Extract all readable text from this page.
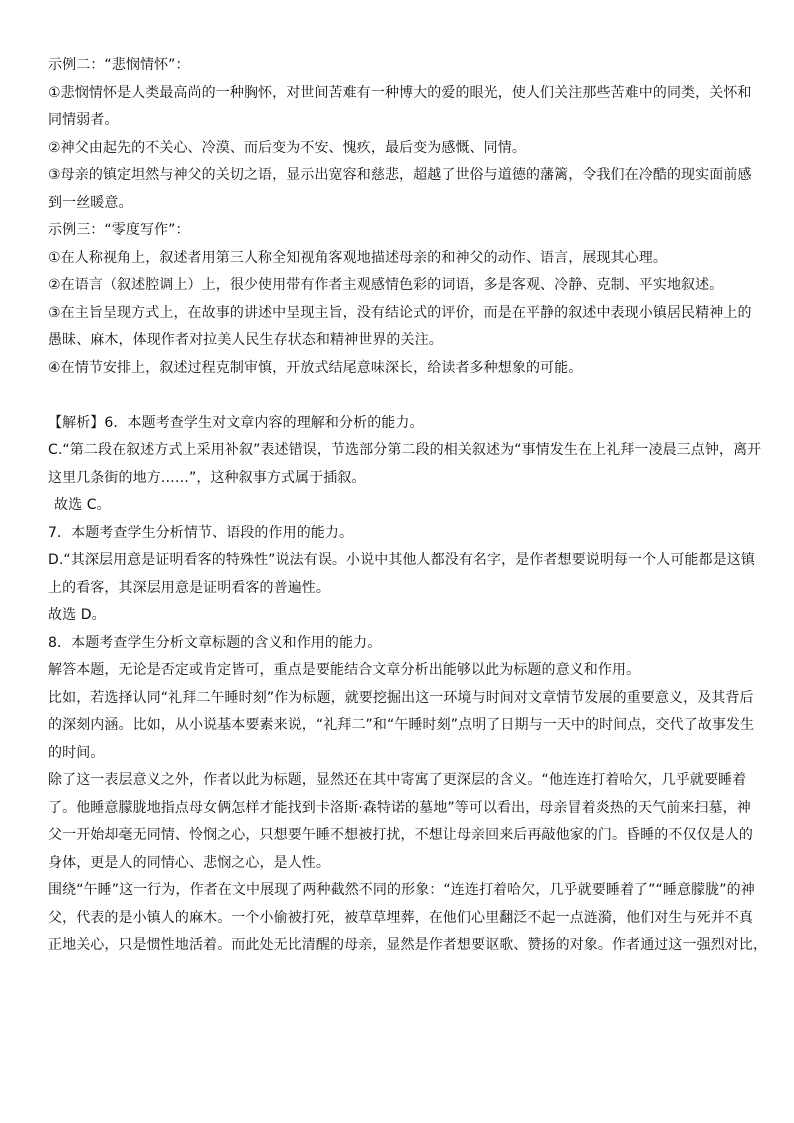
示例二：“悲悯情怀”：
①悲悯情怀是人类最高尚的一种胸怀，对世间苦难有一种博大的爱的眼光，使人们关注那些苦难中的同类，关怀和
同情弱者。
②神父由起先的不关心、冷漠、而后变为不安、愧疚，最后变为感慨、同情。
③母亲的镇定坦然与神父的关切之语，显示出宽容和慈悲，超越了世俗与道德的藩篱，令我们在冷酷的现实面前感
到一丝暖意。
示例三：“零度写作”：
①在人称视角上，叙述者用第三人称全知视角客观地描述母亲的和神父的动作、语言，展现其心理。
②在语言（叙述腔调上）上，很少使用带有作者主观感情色彩的词语，多是客观、冷静、克制、平实地叙述。
③在主旨呈现方式上，在故事的讲述中呈现主旨，没有结论式的评价，而是在平静的叙述中表现小镇居民精神上的
愚昧、麻木，体现作者对拉美人民生存状态和精神世界的关注。
④在情节安排上，叙述过程克制审慎，开放式结尾意味深长，给读者多种想象的可能。
【解析】6．本题考查学生对文章内容的理解和分析的能力。
C.“第二段在叙述方式上采用补叙”表述错误，节选部分第二段的相关叙述为“事情发生在上礼拜一凌晨三点钟，离开
这里几条街的地方……”，这种叙事方式属于插叙。
故选 C。
7．本题考查学生分析情节、语段的作用的能力。
D.“其深层用意是证明看客的特殊性”说法有误。小说中其他人都没有名字，是作者想要说明每一个人可能都是这镇
上的看客，其深层用意是证明看客的普遍性。
故选 D。
8．本题考查学生分析文章标题的含义和作用的能力。
解答本题，无论是否定或肯定皆可，重点是要能结合文章分析出能够以此为标题的意义和作用。
比如，若选择认同“礼拜二午睡时刻”作为标题，就要挖掘出这一环境与时间对文章情节发展的重要意义，及其背后
的深刻内涵。比如，从小说基本要素来说，“礼拜二”和“午睡时刻”点明了日期与一天中的时间点，交代了故事发生
的时间。
除了这一表层意义之外，作者以此为标题，显然还在其中寄寓了更深层的含义。“他连连打着哈欠，几乎就要睡着
了。他睡意朦胧地指点母女俩怎样才能找到卡洛斯·森特诺的墓地”等可以看出，母亲冒着炎热的天气前来扫墓，神
父一开始却毫无同情、怜悯之心，只想要午睡不想被打扰，不想让母亲回来后再敲他家的门。昏睡的不仅仅是人的
身体，更是人的同情心、悲悯之心，是人性。
围绕“午睡”这一行为，作者在文中展现了两种截然不同的形象：“连连打着哈欠，几乎就要睡着了”“睡意朦胧”的神
父，代表的是小镇人的麻木。一个小偷被打死，被草草埋葬，在他们心里翻泛不起一点涟漪，他们对生与死并不真
正地关心，只是惯性地活着。而此处无比清醒的母亲，显然是作者想要讴歌、赞扬的对象。作者通过这一强烈对比，
